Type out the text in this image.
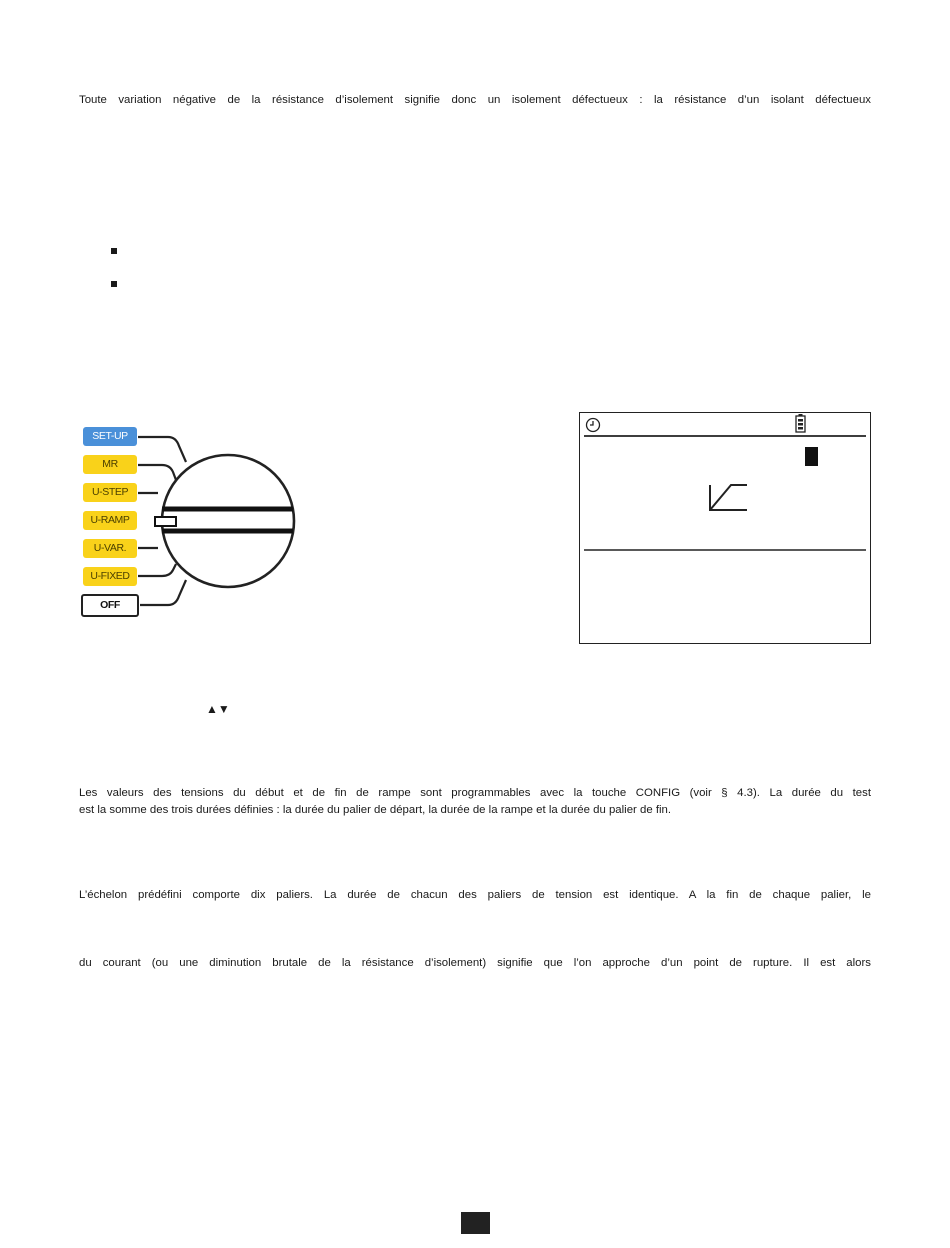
Toute variation négative de la résistance d’isolement signifie donc un isolement défectueux : la résistance d’un isolant défectueux

SET-UP
MR
U-STEP
U-RAMP
U-VAR.
U-FIXED
OFF
▲▼

Les valeurs des tensions du début et de fin de rampe sont programmables avec la touche CONFIG (voir § 4.3). La durée du test

est la somme des trois durées définies : la durée du palier de départ, la durée de la rampe et la durée du palier de fin.

L’échelon prédéfini comporte dix paliers. La durée de chacun des paliers de tension est identique. A la fin de chaque palier, le

du courant (ou une diminution brutale de la résistance d’isolement) signifie que l’on approche d’un point de rupture. Il est alors
